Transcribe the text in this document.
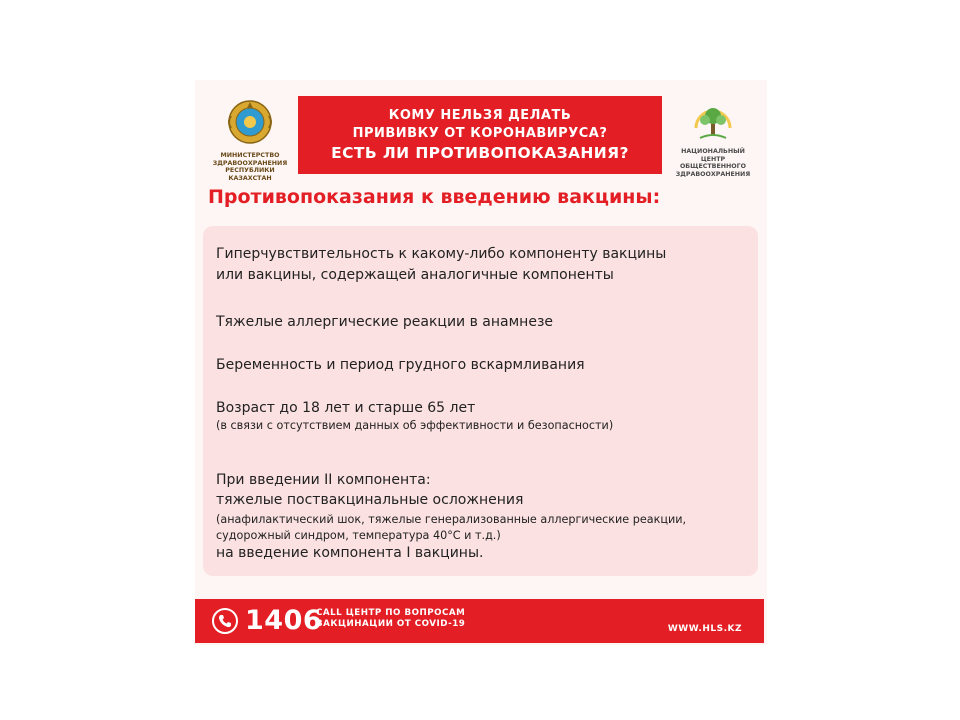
МИНИСТЕРСТВО
ЗДРАВООХРАНЕНИЯ
РЕСПУБЛИКИ КАЗАХСТАН
КОМУ НЕЛЬЗЯ ДЕЛАТЬ
ПРИВИВКУ ОТ КОРОНАВИРУСА?
ЕСТЬ ЛИ ПРОТИВОПОКАЗАНИЯ?	НАЦИОНАЛЬНЫЙ ЦЕНТР
ОБЩЕСТВЕННОГО
ЗДРАВООХРАНЕНИЯ
Противопоказания к введению вакцины:
Гиперчувствительность к какому-либо компоненту вакцины
или вакцины, содержащей аналогичные компоненты
Тяжелые аллергические реакции в анамнезе
Беременность и период грудного вскармливания
Возраст до 18 лет и старше 65 лет
(в связи с отсутствием данных об эффективности и безопасности)
При введении II компонента:
тяжелые поствакцинальные осложнения
(анафилактический шок, тяжелые генерализованные аллергические реакции,
судорожный синдром, температура 40°С и т.д.)
на введение компонента I вакцины.
1406
CALL ЦЕНТР ПО ВОПРОСАМ
ВАКЦИНАЦИИ ОТ COVID-19	WWW.HLS.KZ
